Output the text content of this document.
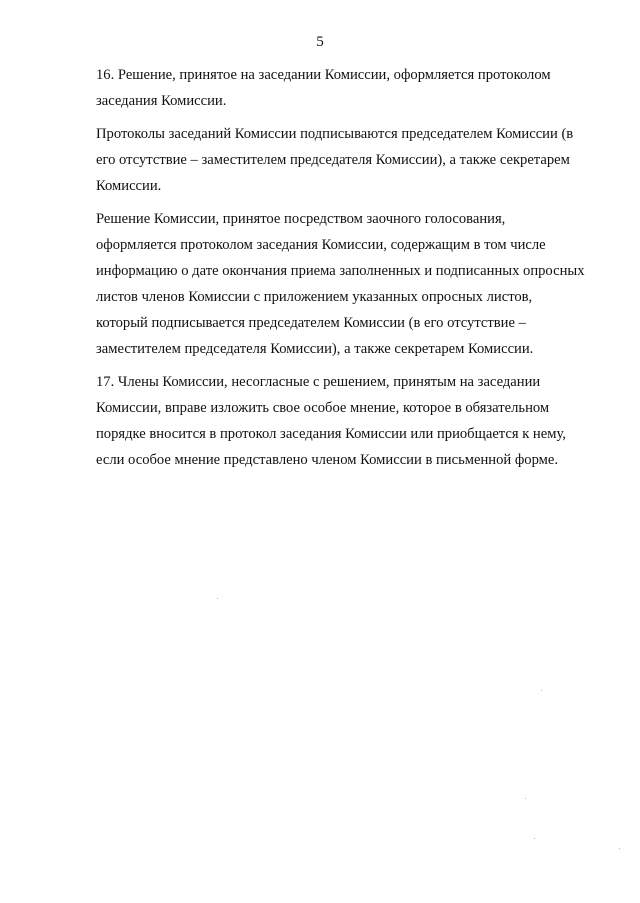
5
16. Решение, принятое на заседании Комиссии, оформляется протоколом заседания Комиссии.
Протоколы заседаний Комиссии подписываются председателем Комиссии (в его отсутствие – заместителем председателя Комиссии), а также секретарем Комиссии.
Решение Комиссии, принятое посредством заочного голосования, оформляется протоколом заседания Комиссии, содержащим в том числе информацию о дате окончания приема заполненных и подписанных опросных листов членов Комиссии с приложением указанных опросных листов, который подписывается председателем Комиссии (в его отсутствие – заместителем председателя Комиссии), а также секретарем Комиссии.
17. Члены Комиссии, несогласные с решением, принятым на заседании Комиссии, вправе изложить свое особое мнение, которое в обязательном порядке вносится в протокол заседания Комиссии или приобщается к нему, если особое мнение представлено членом Комиссии в письменной форме.
